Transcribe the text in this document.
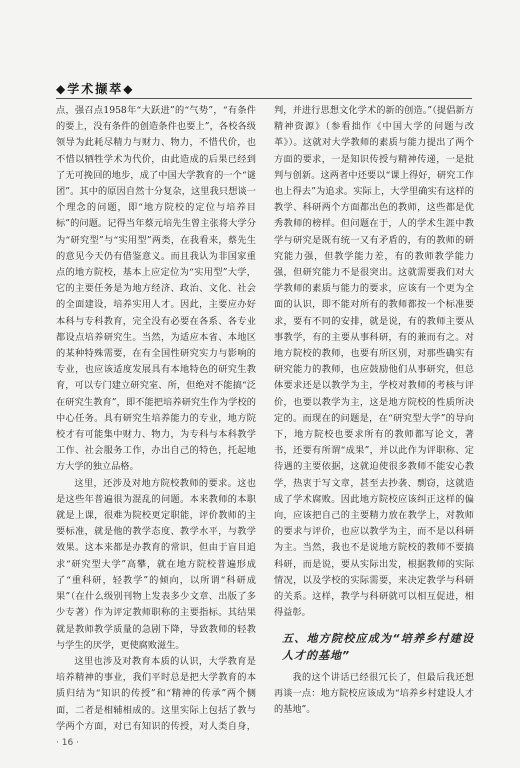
◆学术撷萃◆

点，强召点1958年“大跃进”的“气势”，“有条件的要上，没有条件的创造条件也要上”，各校各级领导为此耗尽精力与财力、物力，不惜代价，也不惜以牺牲学术为代价，由此造成的后果已经到了无可挽回的地步，成了中国大学教育的一个“谜团”。其中的原因自然十分复杂，这里我只想谈一个理念的问题，即“地方院校的定位与培养目标”的问题。记得当年蔡元培先生曾主张将大学分为“研究型”与“实用型”两类，在我看来，蔡先生的意见今天仍有借鉴意义。而且我认为非国家重点的地方院校，基本上应定位为“实用型”大学，它的主要任务是为地方经济、政治、文化、社会的全面建设，培养实用人才。因此，主要应办好本科与专科教育，完全没有必要在各系、各专业都设点培养研究生。当然，为适应本省、本地区的某种特殊需要，在有全国性研究实力与影响的专业，也应该适度发展具有本地特色的研究生教育，可以专门建立研究室、所，但绝对不能搞“泛在研究生教育”，即不能把培养研究生作为学校的中心任务。具有研究生培养能力的专业，地方院校才有可能集中财力、物力，为专科与本科教学工作、社会服务工作，办出自己的特色，托起地方大学的独立品格。

这里，还涉及对地方院校教师的要求。这也是这些年普遍很为混乱的问题。本来教师的本职就是上课，很难为院校更定职能，评价教师的主要标准，就是他的教学态度、教学水平，与教学效果。这本来都是办教育的常识，但由于盲目追求“研究型大学”高攀，就在地方院校普遍形成了“重科研，轻教学”的倾向，以所谓“科研成果”（在什么级别刊物上发表多少文章、出版了多少专著）作为评定教师职称的主要指标。其结果就是教师教学质量的急剧下降，导致教师的轻教与学生的厌学，更使腐败滋生。

这里也涉及对教育本质的认识，大学教育是培养精神的事业，我们平时总是把大学教育的本质归结为“知识的传授”和“精神的传承”两个侧面，二者是相辅相成的。这里实际上包括了教与学两个方面，对已有知识的传授，对人类自身，

判，并进行思想文化学术的新的创造。”（提倡新方精神资源》（参看拙作《中国大学的问题与改革》）。这就对大学教师的素质与能力提出了两个方面的要求，一是知识传授与精神传递，一是批判与创新。这两者中还要以“课上得好，研究工作也上得去”为追求。实际上，大学里确实有这样的教学、科研两个方面都出色的教师，这些都是优秀教师的榜样。但问题在于，人的学术生涯中教学与研究是既有统一又有矛盾的，有的教师的研究能力强，但教学能力差，有的教师教学能力强，但研究能力不是很突出。这就需要我们对大学教师的素质与能力的要求，应该有一个更为全面的认识，即不能对所有的教师都按一个标准要求，要有不同的安排，就是说，有的教师主要从事教学，有的主要从事科研，有的兼而有之。对地方院校的教师，也要有所区别，对那些确实有研究能力的教师，也应鼓励他们从事研究，但总体要求还是以教学为主，学校对教师的考核与评价，也要以教学为主，这是地方院校的性质所决定的。而现在的问题是，在“研究型大学”的导向下，地方院校也要求所有的教师都写论文，著书，还要有所谓“成果”，并以此作为评职称、定待遇的主要依据，这就迫使很多教师不能安心教学，热衷于写文章，甚至去抄袭、剽窃，这就造成了学术腐败。因此地方院校应该纠正这样的偏向，应该把自己的主要精力放在教学上，对教师的要求与评价，也应以教学为主，而不是以科研为主。当然，我也不是说地方院校的教师不要搞科研，而是说，要从实际出发，根据教师的实际情况，以及学校的实际需要，来决定教学与科研的关系。这样，教学与科研就可以相互促进，相得益彰。

五、地方院校应成为“培养乡村建设人才的基地”

我的这个讲话已经很冗长了，但最后我还想再谈一点：地方院校应该成为“培养乡村建设人才的基地”。

· 16 ·
